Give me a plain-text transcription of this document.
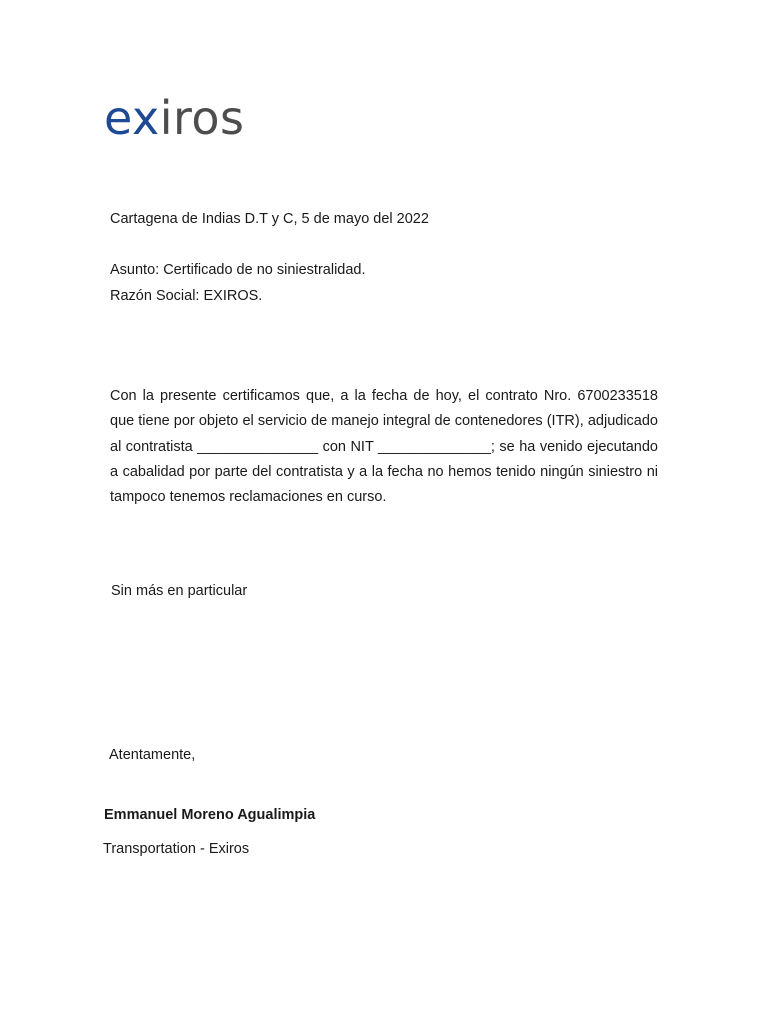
exiros
Cartagena de Indias D.T y C, 5 de mayo del 2022
Asunto: Certificado de no siniestralidad.
Razón Social: EXIROS.
Con la presente certificamos que, a la fecha de hoy, el contrato Nro. 6700233518 que tiene por objeto el servicio de manejo integral de contenedores (ITR), adjudicado al contratista _______________ con NIT ______________; se ha venido ejecutando a cabalidad por parte del contratista y a la fecha no hemos tenido ningún siniestro ni tampoco tenemos reclamaciones en curso.
Sin más en particular
Atentamente,
Emmanuel Moreno Agualimpia
Transportation - Exiros
